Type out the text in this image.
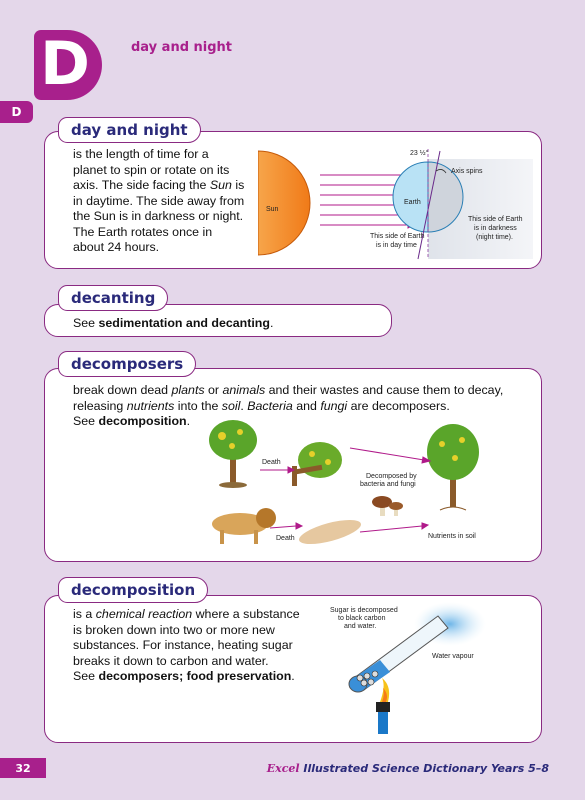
D	day and night
D
day and night
is the length of time for a
planet to spin or rotate on its
axis. The side facing the Sun is
in daytime. The side away from
the Sun is in darkness or night.
The Earth rotates once in
about 24 hours.
Sun
23 ½°
Axis spins
Earth
This side of Earth
is in day time
This side of Earth
is in darkness
(night time).
decanting
See sedimentation and decanting.
decomposers
break down dead plants or animals and their wastes and cause them to decay,
releasing nutrients into the soil. Bacteria and fungi are decomposers.
See decomposition.
Death
Decomposed by
bacteria and fungi
Death	Nutrients in soil
decomposition
is a chemical reaction where a substance
is broken down into two or more new
substances. For instance, heating sugar
breaks it down to carbon and water.
See decomposers; food preservation.
Sugar is decomposed
to black carbon
and water.
Water vapour
32	Excel Illustrated Science Dictionary Years 5–8
